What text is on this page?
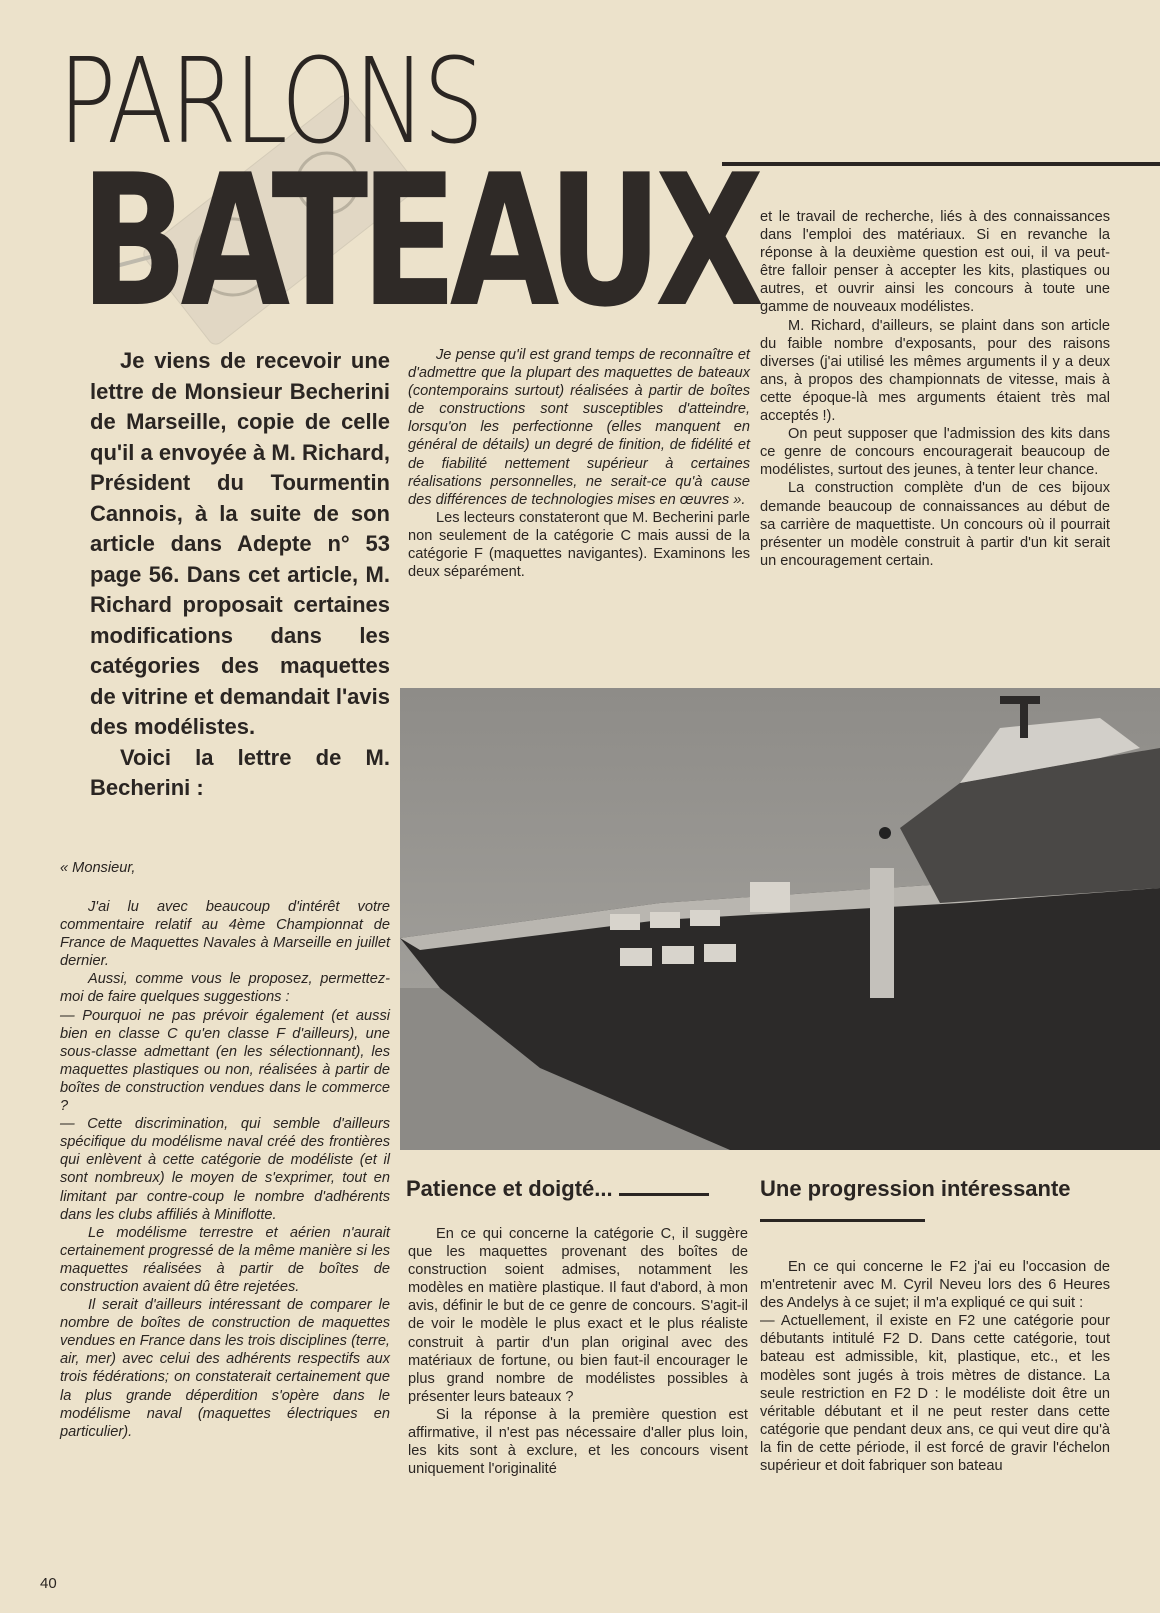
PARLONS
BATEAUX

Je viens de recevoir une lettre de Monsieur Becherini de Marseille, copie de celle qu'il a envoyée à M. Richard, Président du Tourmentin Cannois, à la suite de son article dans Adepte n° 53 page 56. Dans cet article, M. Richard proposait certaines modifications dans les catégories des maquettes de vitrine et demandait l'avis des modélistes.

Voici la lettre de M. Becherini :

« Monsieur,

J'ai lu avec beaucoup d'intérêt votre commentaire relatif au 4ème Championnat de France de Maquettes Navales à Marseille en juillet dernier.

Aussi, comme vous le proposez, permettez-moi de faire quelques suggestions :

— Pourquoi ne pas prévoir également (et aussi bien en classe C qu'en classe F d'ailleurs), une sous-classe admettant (en les sélectionnant), les maquettes plastiques ou non, réalisées à partir de boîtes de construction vendues dans le commerce ?

— Cette discrimination, qui semble d'ailleurs spécifique du modélisme naval créé des frontières qui enlèvent à cette catégorie de modéliste (et il sont nombreux) le moyen de s'exprimer, tout en limitant par contre-coup le nombre d'adhérents dans les clubs affiliés à Miniflotte.

Le modélisme terrestre et aérien n'aurait certainement progressé de la même manière si les maquettes réalisées à partir de boîtes de construction avaient dû être rejetées.

Il serait d'ailleurs intéressant de comparer le nombre de boîtes de construction de maquettes vendues en France dans les trois disciplines (terre, air, mer) avec celui des adhérents respectifs aux trois fédérations; on constaterait certainement que la plus grande déperdition s'opère dans le modélisme naval (maquettes électriques en particulier).

Je pense qu'il est grand temps de reconnaître et d'admettre que la plupart des maquettes de bateaux (contemporains surtout) réalisées à partir de boîtes de constructions sont susceptibles d'atteindre, lorsqu'on les perfectionne (elles manquent en général de détails) un degré de finition, de fidélité et de fiabilité nettement supérieur à certaines réalisations personnelles, ne serait-ce qu'à cause des différences de technologies mises en œuvres ».

Les lecteurs constateront que M. Becherini parle non seulement de la catégorie C mais aussi de la catégorie F (maquettes navigantes). Examinons les deux séparément.

et le travail de recherche, liés à des connaissances dans l'emploi des matériaux. Si en revanche la réponse à la deuxième question est oui, il va peut-être falloir penser à accepter les kits, plastiques ou autres, et ouvrir ainsi les concours à toute une gamme de nouveaux modélistes.

M. Richard, d'ailleurs, se plaint dans son article du faible nombre d'exposants, pour des raisons diverses (j'ai utilisé les mêmes arguments il y a deux ans, à propos des championnats de vitesse, mais à cette époque-là mes arguments étaient très mal acceptés !).

On peut supposer que l'admission des kits dans ce genre de concours encouragerait beaucoup de modélistes, surtout des jeunes, à tenter leur chance.

La construction complète d'un de ces bijoux demande beaucoup de connaissances au début de sa carrière de maquettiste. Un concours où il pourrait présenter un modèle construit à partir d'un kit serait un encouragement certain.

Patience et doigté...

En ce qui concerne la catégorie C, il suggère que les maquettes provenant des boîtes de construction soient admises, notamment les modèles en matière plastique. Il faut d'abord, à mon avis, définir le but de ce genre de concours. S'agit-il de voir le modèle le plus exact et le plus réaliste construit à partir d'un plan original avec des matériaux de fortune, ou bien faut-il encourager le plus grand nombre de modélistes possibles à présenter leurs bateaux ?

Si la réponse à la première question est affirmative, il n'est pas nécessaire d'aller plus loin, les kits sont à exclure, et les concours visent uniquement l'originalité

Une progression intéressante

En ce qui concerne le F2 j'ai eu l'occasion de m'entretenir avec M. Cyril Neveu lors des 6 Heures des Andelys à ce sujet; il m'a expliqué ce qui suit :

— Actuellement, il existe en F2 une catégorie pour débutants intitulé F2 D. Dans cette catégorie, tout bateau est admissible, kit, plastique, etc., et les modèles sont jugés à trois mètres de distance. La seule restriction en F2 D : le modéliste doit être un véritable débutant et il ne peut rester dans cette catégorie que pendant deux ans, ce qui veut dire qu'à la fin de cette période, il est forcé de gravir l'échelon supérieur et doit fabriquer son bateau

40
